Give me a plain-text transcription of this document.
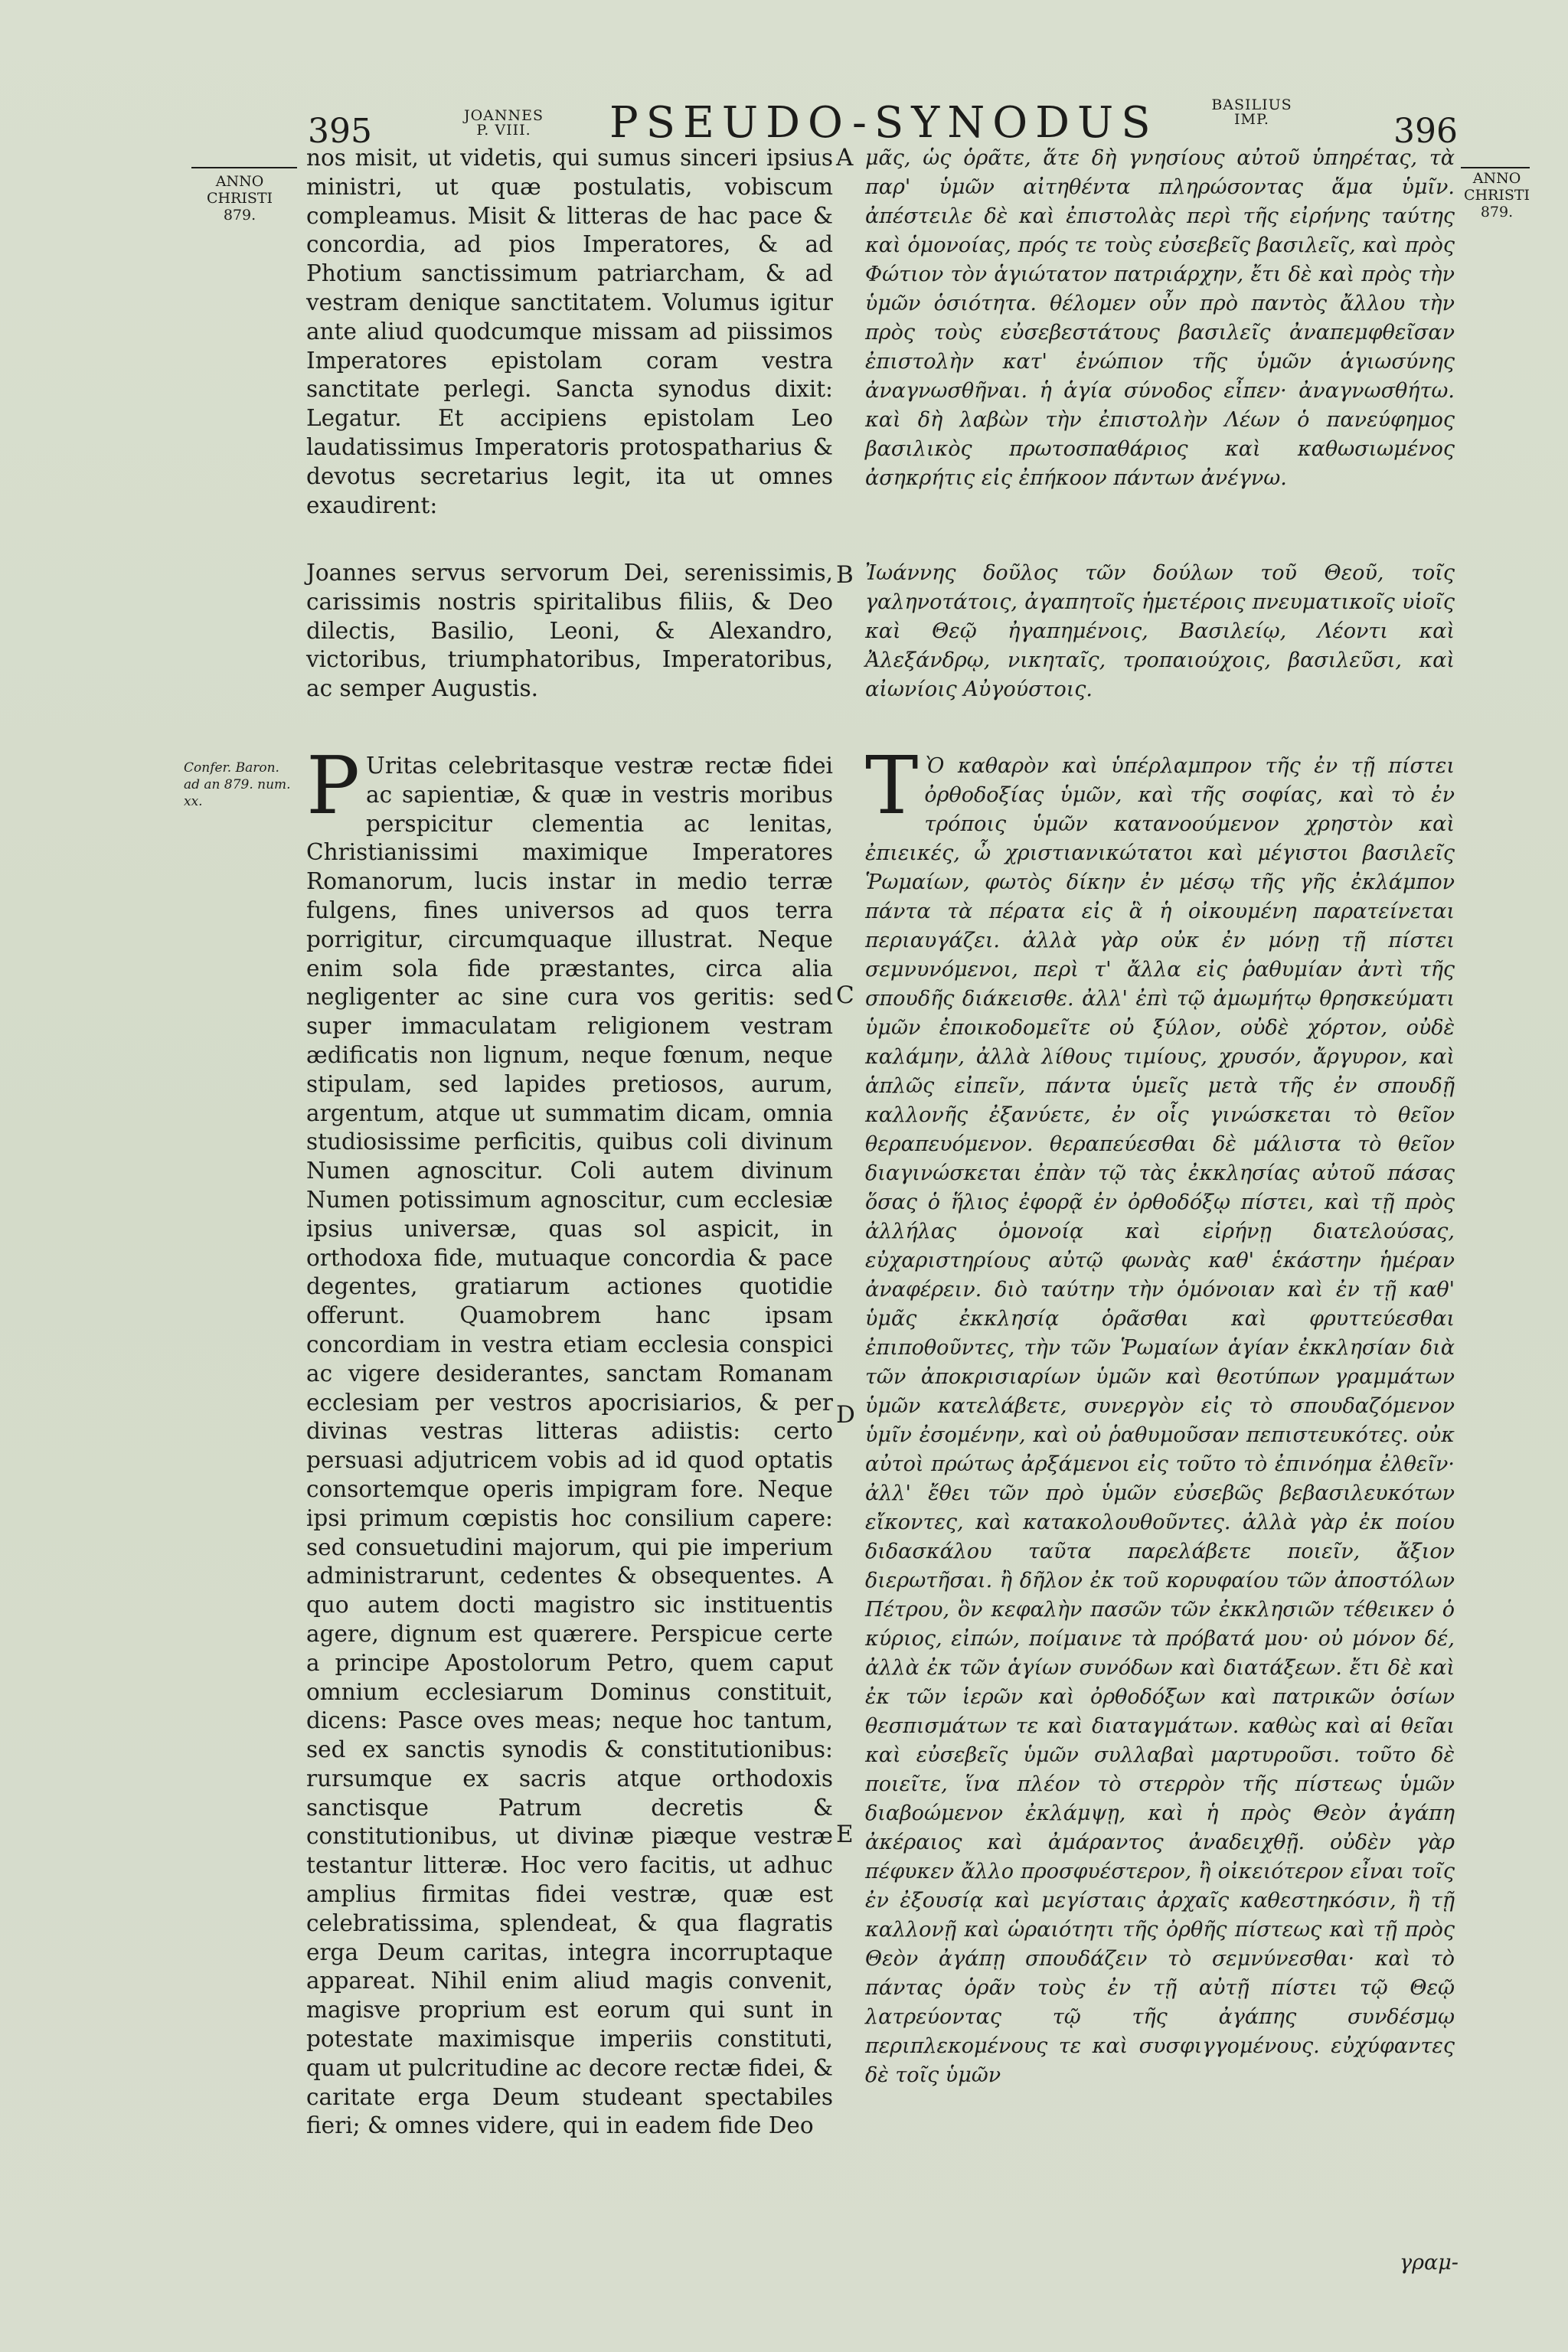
395	JOANNES
P. VIII.	PSEUDO-SYNODUS	BASILIUS
IMP.	396
ANNO CHRISTI 879.
ANNO CHRISTI 879.
Confer. Baron. ad an 879. num. xx.
A
B
C
D
E

nos misit, ut videtis, qui sumus sinceri ipsius ministri, ut quæ postulatis, vobiscum compleamus. Misit & litteras de hac pace & concordia, ad pios Imperatores, & ad Photium sanctissimum patriarcham, & ad vestram denique sanctitatem. Volumus igitur ante aliud quodcumque missam ad piissimos Imperatores epistolam coram vestra sanctitate perlegi. Sancta synodus dixit: Legatur. Et accipiens epistolam Leo laudatissimus Imperatoris protospatharius & devotus secretarius legit, ita ut omnes exaudirent:

Joannes servus servorum Dei, serenissimis, carissimis nostris spiritalibus filiis, & Deo dilectis, Basilio, Leoni, & Alexandro, victoribus, triumphatoribus, Imperatoribus, ac semper Augustis.

P Uritas celebritasque vestræ rectæ fidei ac sapientiæ, & quæ in vestris moribus perspicitur clementia ac lenitas, Christianissimi maximique Imperatores Romanorum, lucis instar in medio terræ fulgens, fines universos ad quos terra porrigitur, circumquaque illustrat. Neque enim sola fide præstantes, circa alia negligenter ac sine cura vos geritis: sed super immaculatam religionem vestram ædificatis non lignum, neque fœnum, neque stipulam, sed lapides pretiosos, aurum, argentum, atque ut summatim dicam, omnia studiosissime perficitis, quibus coli divinum Numen agnoscitur. Coli autem divinum Numen potissimum agnoscitur, cum ecclesiæ ipsius universæ, quas sol aspicit, in orthodoxa fide, mutuaque concordia & pace degentes, gratiarum actiones quotidie offerunt. Quamobrem hanc ipsam concordiam in vestra etiam ecclesia conspici ac vigere desiderantes, sanctam Romanam ecclesiam per vestros apocrisiarios, & per divinas vestras litteras adiistis: certo persuasi adjutricem vobis ad id quod optatis consortemque operis impigram fore. Neque ipsi primum cœpistis hoc consilium capere: sed consuetudini majorum, qui pie imperium administrarunt, cedentes & obsequentes. A quo autem docti magistro sic instituentis agere, dignum est quærere. Perspicue certe a principe Apostolorum Petro, quem caput omnium ecclesiarum Dominus constituit, dicens: Pasce oves meas; neque hoc tantum, sed ex sanctis synodis & constitutionibus: rursumque ex sacris atque orthodoxis sanctisque Patrum decretis & constitutionibus, ut divinæ piæque vestræ testantur litteræ. Hoc vero facitis, ut adhuc amplius firmitas fidei vestræ, quæ est celebratissima, splendeat, & qua flagratis erga Deum caritas, integra incorruptaque appareat. Nihil enim aliud magis convenit, magisve proprium est eorum qui sunt in potestate maximisque imperiis constituti, quam ut pulcritudine ac decore rectæ fidei, & caritate erga Deum studeant spectabiles fieri; & omnes videre, qui in eadem fide Deo

μᾶς, ὡς ὁρᾶτε, ἅτε δὴ γνησίους αὐτοῦ ὑπηρέτας, τὰ παρ' ὑμῶν αἰτηθέντα πληρώσοντας ἅμα ὑμῖν. ἀπέστειλε δὲ καὶ ἐπιστολὰς περὶ τῆς εἰρήνης ταύτης καὶ ὁμονοίας, πρός τε τοὺς εὐσεβεῖς βασιλεῖς, καὶ πρὸς Φώτιον τὸν ἁγιώτατον πατριάρχην, ἔτι δὲ καὶ πρὸς τὴν ὑμῶν ὁσιότητα. θέλομεν οὖν πρὸ παντὸς ἄλλου τὴν πρὸς τοὺς εὐσεβεστάτους βασιλεῖς ἀναπεμφθεῖσαν ἐπιστολὴν κατ' ἐνώπιον τῆς ὑμῶν ἁγιωσύνης ἀναγνωσθῆναι. ἡ ἁγία σύνοδος εἶπεν· ἀναγνωσθήτω. καὶ δὴ λαβὼν τὴν ἐπιστολὴν Λέων ὁ πανεύφημος βασιλικὸς πρωτοσπαθάριος καὶ καθωσιωμένος ἀσηκρήτις εἰς ἐπήκοον πάντων ἀνέγνω.

Ἰωάννης δοῦλος τῶν δούλων τοῦ Θεοῦ, τοῖς γαληνοτάτοις, ἀγαπητοῖς ἡμετέροις πνευματικοῖς υἱοῖς καὶ Θεῷ ἠγαπημένοις, Βασιλείῳ, Λέοντι καὶ Ἀλεξάνδρῳ, νικηταῖς, τροπαιούχοις, βασιλεῦσι, καὶ αἰωνίοις Αὐγούστοις.

Τ Ὸ καθαρὸν καὶ ὑπέρλαμπρον τῆς ἐν τῇ πίστει ὀρθοδοξίας ὑμῶν, καὶ τῆς σοφίας, καὶ τὸ ἐν τρόποις ὑμῶν κατανοούμενον χρηστὸν καὶ ἐπιεικές, ὦ χριστιανικώτατοι καὶ μέγιστοι βασιλεῖς Ῥωμαίων, φωτὸς δίκην ἐν μέσῳ τῆς γῆς ἐκλάμπον πάντα τὰ πέρατα εἰς ἃ ἡ οἰκουμένη παρατείνεται περιαυγάζει. ἀλλὰ γὰρ οὐκ ἐν μόνῃ τῇ πίστει σεμνυνόμενοι, περὶ τ' ἄλλα εἰς ῥαθυμίαν ἀντὶ τῆς σπουδῆς διάκεισθε. ἀλλ' ἐπὶ τῷ ἀμωμήτῳ θρησκεύματι ὑμῶν ἐποικοδομεῖτε οὐ ξύλον, οὐδὲ χόρτον, οὐδὲ καλάμην, ἀλλὰ λίθους τιμίους, χρυσόν, ἄργυρον, καὶ ἁπλῶς εἰπεῖν, πάντα ὑμεῖς μετὰ τῆς ἐν σπουδῇ καλλονῆς ἐξανύετε, ἐν οἷς γινώσκεται τὸ θεῖον θεραπευόμενον. θεραπεύεσθαι δὲ μάλιστα τὸ θεῖον διαγινώσκεται ἐπὰν τῷ τὰς ἐκκλησίας αὐτοῦ πάσας ὅσας ὁ ἥλιος ἐφορᾷ ἐν ὀρθοδόξῳ πίστει, καὶ τῇ πρὸς ἀλλήλας ὁμονοίᾳ καὶ εἰρήνῃ διατελούσας, εὐχαριστηρίους αὐτῷ φωνὰς καθ' ἑκάστην ἡμέραν ἀναφέρειν. διὸ ταύτην τὴν ὁμόνοιαν καὶ ἐν τῇ καθ' ὑμᾶς ἐκκλησίᾳ ὁρᾶσθαι καὶ φρυττεύεσθαι ἐπιποθοῦντες, τὴν τῶν Ῥωμαίων ἁγίαν ἐκκλησίαν διὰ τῶν ἀποκρισιαρίων ὑμῶν καὶ θεοτύπων γραμμάτων ὑμῶν κατελάβετε, συνεργὸν εἰς τὸ σπουδαζόμενον ὑμῖν ἐσομένην, καὶ οὐ ῥαθυμοῦσαν πεπιστευκότες. οὐκ αὐτοὶ πρώτως ἀρξάμενοι εἰς τοῦτο τὸ ἐπινόημα ἐλθεῖν· ἀλλ' ἔθει τῶν πρὸ ὑμῶν εὐσεβῶς βεβασιλευκότων εἴκοντες, καὶ κατακολουθοῦντες. ἀλλὰ γὰρ ἐκ ποίου διδασκάλου ταῦτα παρελάβετε ποιεῖν, ἄξιον διερωτῆσαι. ἢ δῆλον ἐκ τοῦ κορυφαίου τῶν ἀποστόλων Πέτρου, ὃν κεφαλὴν πασῶν τῶν ἐκκλησιῶν τέθεικεν ὁ κύριος, εἰπών, ποίμαινε τὰ πρόβατά μου· οὐ μόνον δέ, ἀλλὰ ἐκ τῶν ἁγίων συνόδων καὶ διατάξεων. ἔτι δὲ καὶ ἐκ τῶν ἱερῶν καὶ ὀρθοδόξων καὶ πατρικῶν ὁσίων θεσπισμάτων τε καὶ διαταγμάτων. καθὼς καὶ αἱ θεῖαι καὶ εὐσεβεῖς ὑμῶν συλλαβαὶ μαρτυροῦσι. τοῦτο δὲ ποιεῖτε, ἵνα πλέον τὸ στερρὸν τῆς πίστεως ὑμῶν διαβοώμενον ἐκλάμψῃ, καὶ ἡ πρὸς Θεὸν ἀγάπη ἀκέραιος καὶ ἀμάραντος ἀναδειχθῇ. οὐδὲν γὰρ πέφυκεν ἄλλο προσφυέστερον, ἢ οἰκειότερον εἶναι τοῖς ἐν ἐξουσίᾳ καὶ μεγίσταις ἀρχαῖς καθεστηκόσιν, ἢ τῇ καλλονῇ καὶ ὡραιότητι τῆς ὀρθῆς πίστεως καὶ τῇ πρὸς Θεὸν ἀγάπῃ σπουδάζειν τὸ σεμνύνεσθαι· καὶ τὸ πάντας ὁρᾶν τοὺς ἐν τῇ αὐτῇ πίστει τῷ Θεῷ λατρεύοντας τῷ τῆς ἀγάπης συνδέσμῳ περιπλεκομένους τε καὶ συσφιγγομένους. εὐχύφαντες δὲ τοῖς ὑμῶν

γραμ-
